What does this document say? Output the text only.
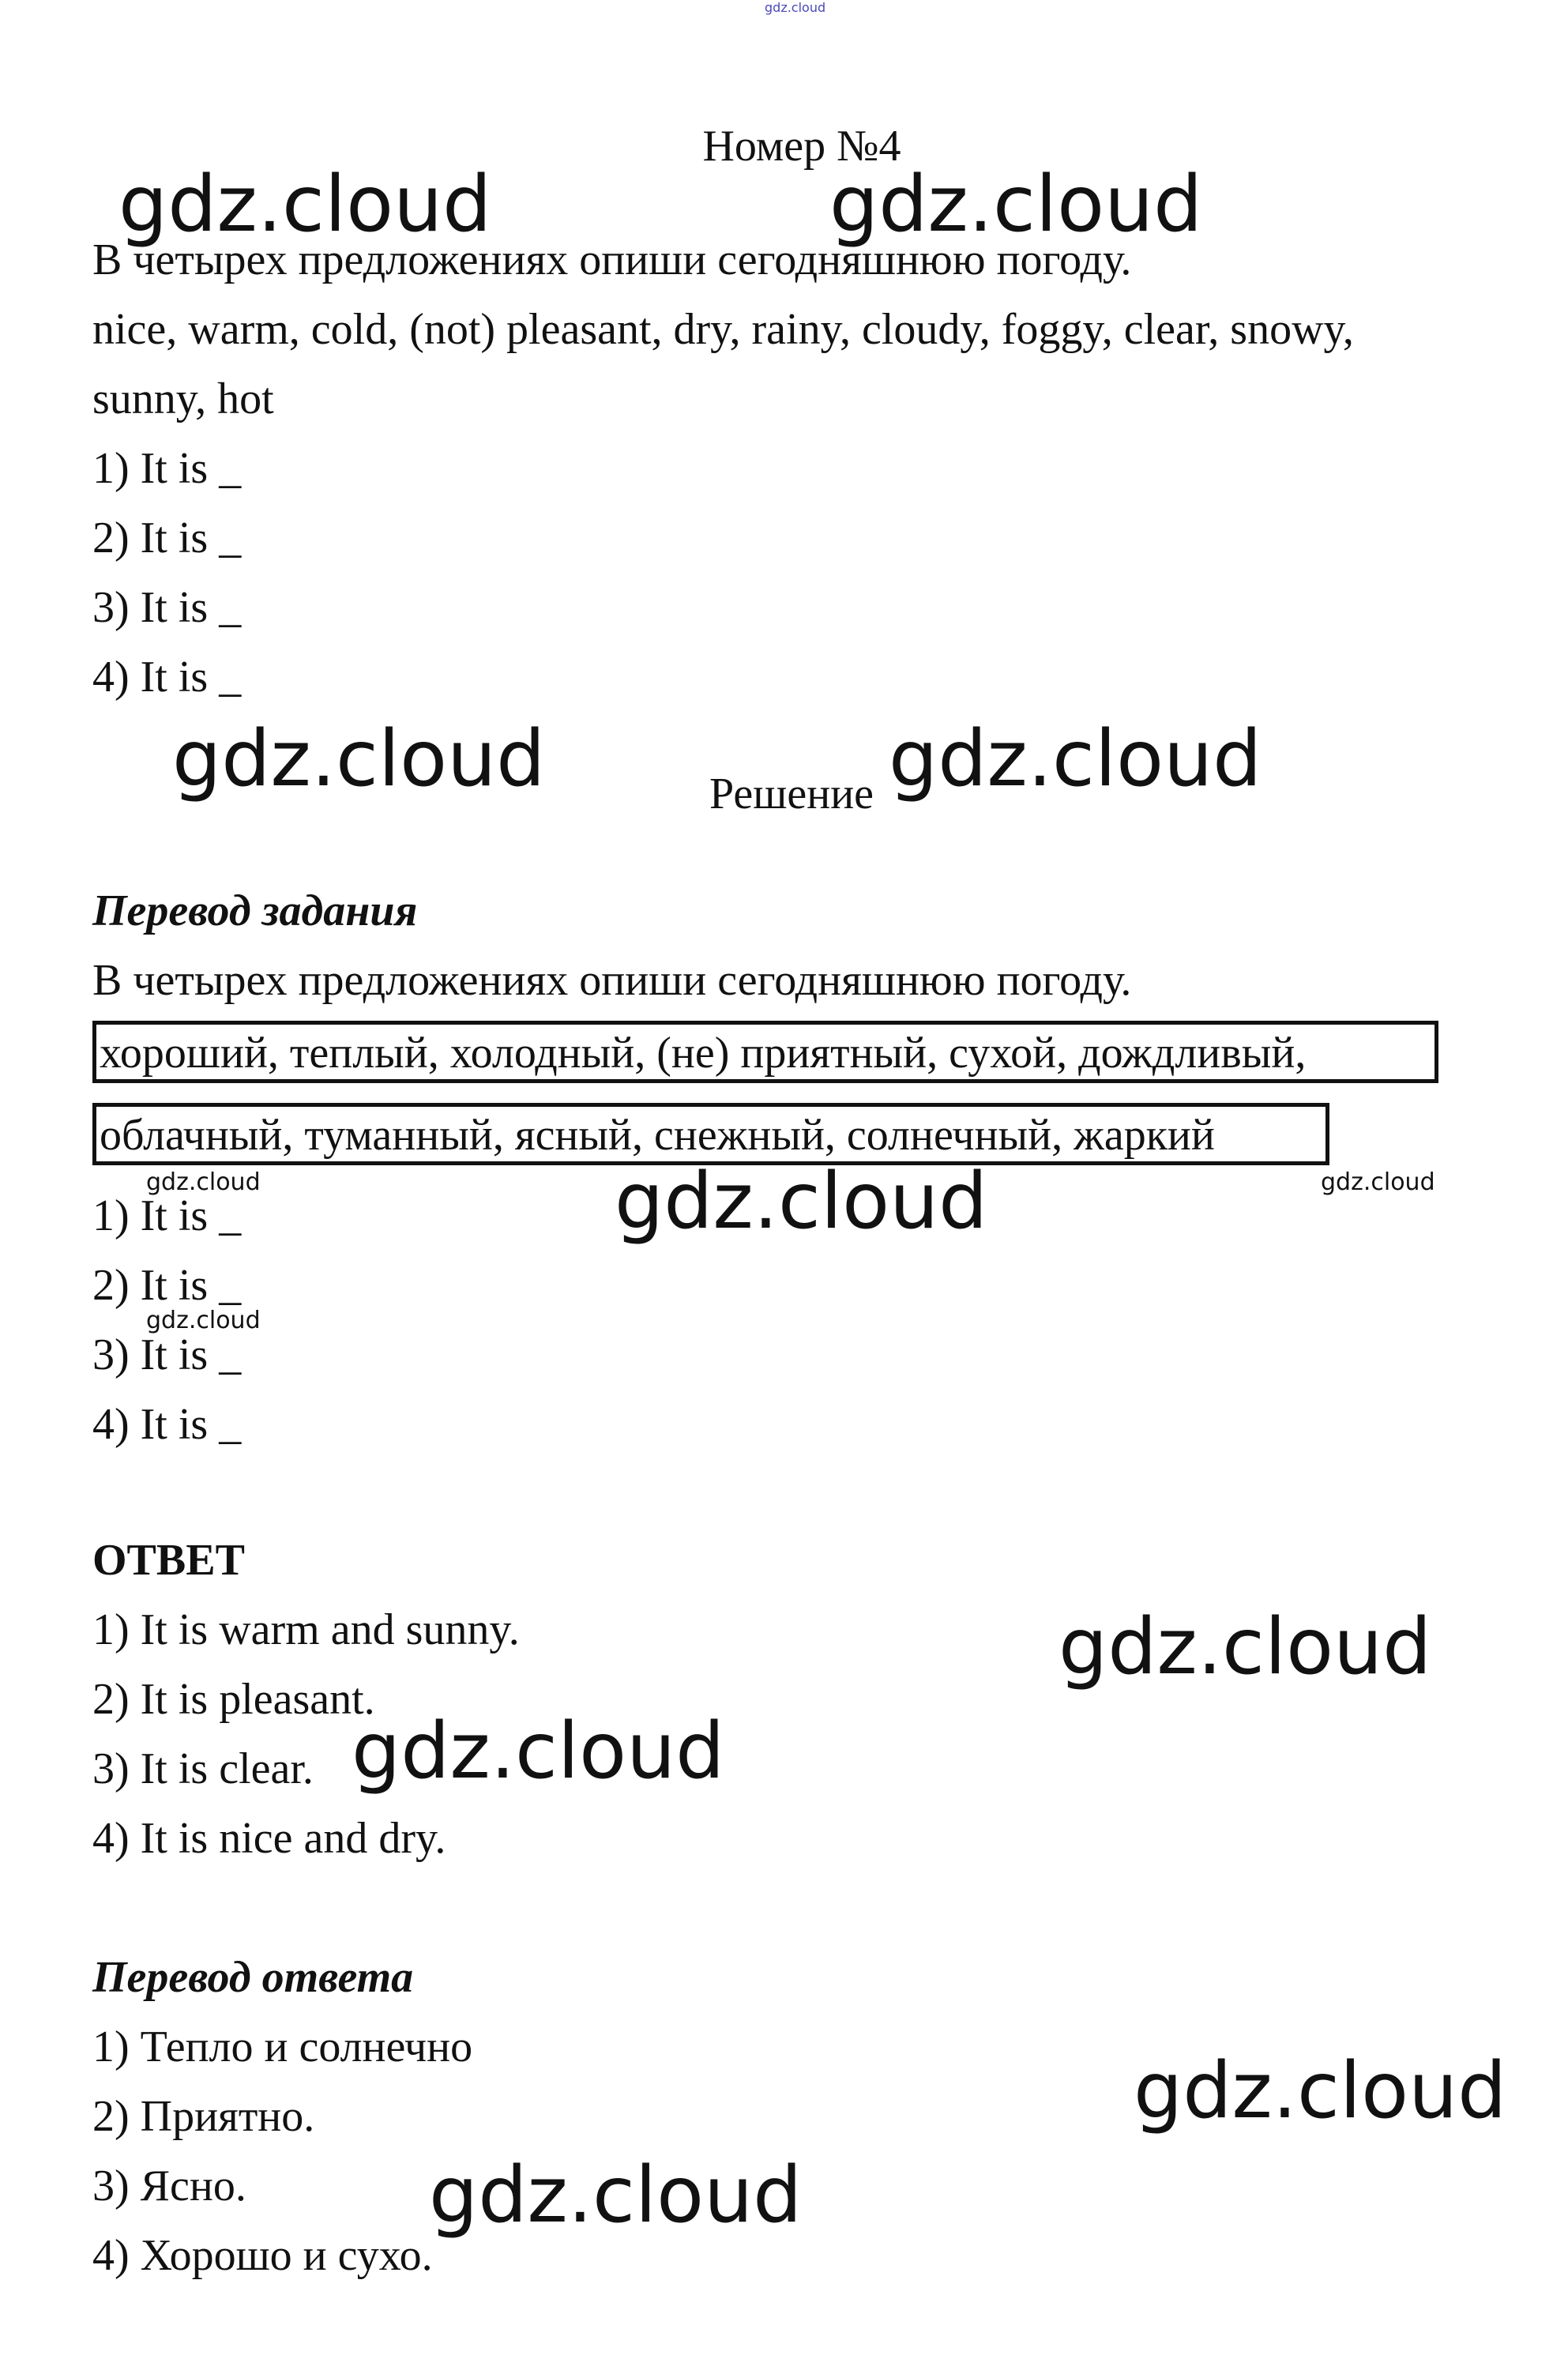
gdz.cloud
Номер №4
В четырех предложениях опиши сегодняшнюю погоду.
nice, warm, cold, (not) pleasant, dry, rainy, cloudy, foggy, clear, snowy,
sunny, hot
1) It is _
2) It is _
3) It is _
4) It is _
Решение
Перевод задания
В четырех предложениях опиши сегодняшнюю погоду.
хороший, теплый, холодный, (не) приятный, сухой, дождливый,
облачный, туманный, ясный, снежный, солнечный, жаркий
1) It is _
2) It is _
3) It is _
4) It is _
ОТВЕТ
1) It is warm and sunny.
2) It is pleasant.
3) It is clear.
4) It is nice and dry.
Перевод ответа
1) Тепло и солнечно
2) Приятно.
3) Ясно.
4) Хорошо и сухо.
gdz.cloud	gdz.cloud
gdz.cloud	gdz.cloud
gdz.cloud
gdz.cloud
gdz.cloud
gdz.cloud
gdz.cloud
gdz.cloud
gdz.cloud
gdz.cloud
